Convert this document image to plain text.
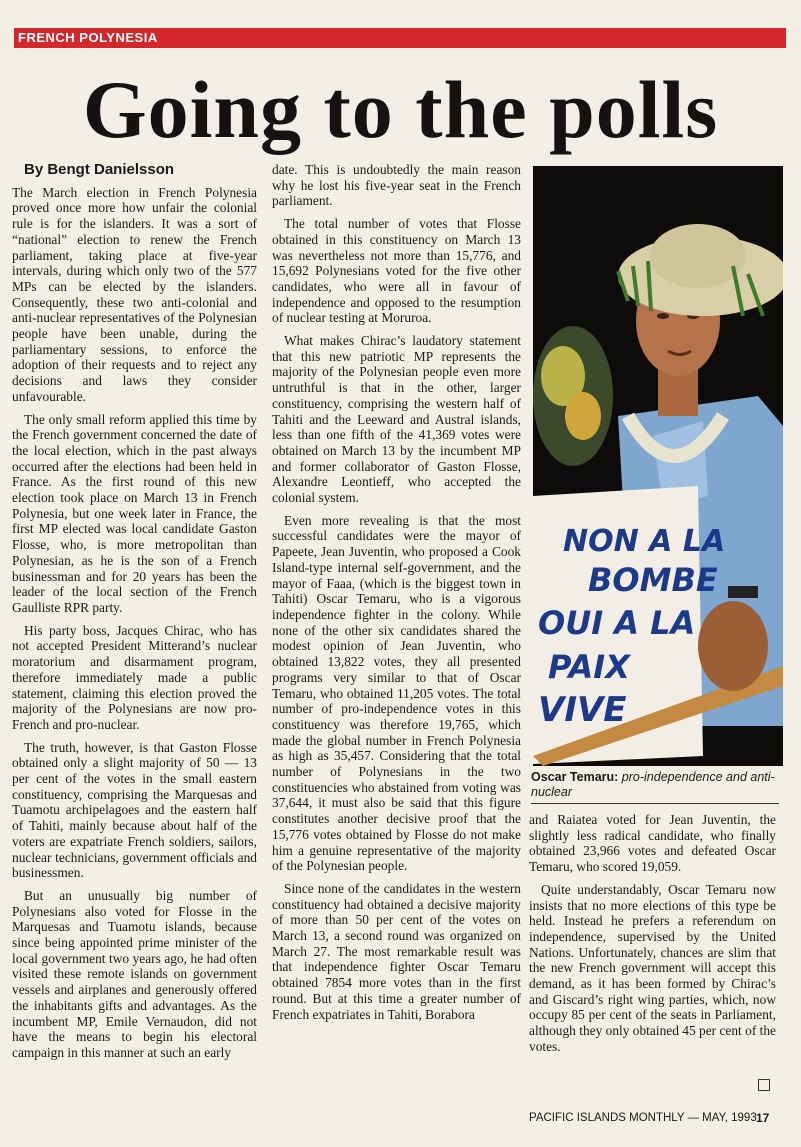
FRENCH POLYNESIA
Going to the polls

By Bengt Danielsson

The March election in French Polynesia proved once more how unfair the colonial rule is for the islanders. It was a sort of “national” election to renew the French parliament, taking place at five-year intervals, during which only two of the 577 MPs can be elected by the islanders. Consequently, these two anti-colonial and anti-nuclear representatives of the Polynesian people have been unable, during the parliamentary sessions, to enforce the adoption of their requests and to reject any decisions and laws they consider unfavourable.

The only small reform applied this time by the French government concerned the date of the local election, which in the past always occurred after the elections had been held in France. As the first round of this new election took place on March 13 in French Polynesia, but one week later in France, the first MP elected was local candidate Gaston Flosse, who, is more metropolitan than Polynesian, as he is the son of a French businessman and for 20 years has been the leader of the local section of the French Gaulliste RPR party.

His party boss, Jacques Chirac, who has not accepted President Mitterand’s nuclear moratorium and disarmament program, therefore immediately made a public statement, claiming this election proved the majority of the Polynesians are now pro-French and pro-nuclear.

The truth, however, is that Gaston Flosse obtained only a slight majority of 50 — 13 per cent of the votes in the small eastern constituency, comprising the Marquesas and Tuamotu archipelagoes and the eastern half of Tahiti, mainly because about half of the voters are expatriate French soldiers, sailors, nuclear technicians, government officials and businessmen.

But an unusually big number of Polynesians also voted for Flosse in the Marquesas and Tuamotu islands, because since being appointed prime minister of the local government two years ago, he had often visited these remote islands on government vessels and airplanes and generously offered the inhabitants gifts and advantages. As the incumbent MP, Emile Vernaudon, did not have the means to begin his electoral campaign in this manner at such an early

date. This is undoubtedly the main reason why he lost his five-year seat in the French parliament.

The total number of votes that Flosse obtained in this constituency on March 13 was nevertheless not more than 15,776, and 15,692 Polynesians voted for the five other candidates, who were all in favour of independence and opposed to the resumption of nuclear testing at Moruroa.

What makes Chirac’s laudatory statement that this new patriotic MP represents the majority of the Polynesian people even more untruthful is that in the other, larger constituency, comprising the western half of Tahiti and the Leeward and Austral islands, less than one fifth of the 41,369 votes were obtained on March 13 by the incumbent MP and former collaborator of Gaston Flosse, Alexandre Leontieff, who accepted the colonial system.

Even more revealing is that the most successful candidates were the mayor of Papeete, Jean Juventin, who proposed a Cook Island-type internal self-government, and the mayor of Faaa, (which is the biggest town in Tahiti) Oscar Temaru, who is a vigorous independence fighter in the colony. While none of the other six candidates shared the modest opinion of Jean Juventin, who obtained 13,822 votes, they all presented programs very similar to that of Oscar Temaru, who obtained 11,205 votes. The total number of pro-independence votes in this constituency was therefore 19,765, which made the global number in French Polynesia as high as 35,457. Considering that the total number of Polynesians in the two constituencies who abstained from voting was 37,644, it must also be said that this figure constitutes another decisive proof that the 15,776 votes obtained by Flosse do not make him a genuine representative of the majority of the Polynesian people.

Since none of the candidates in the western constituency had obtained a decisive majority of more than 50 per cent of the votes on March 13, a second round was organized on March 27. The most remarkable result was that independence fighter Oscar Temaru obtained 7854 more votes than in the first round. But at this time a greater number of French expatriates in Tahiti, Borabora

NON A LA
BOMBE
OUI A LA
PAIX
VIVE
Oscar Temaru: pro-independence and anti-nuclear

and Raiatea voted for Jean Juventin, the slightly less radical candidate, who finally obtained 23,966 votes and defeated Oscar Temaru, who scored 19,059.

Quite understandably, Oscar Temaru now insists that no more elections of this type be held. Instead he prefers a referendum on independence, supervised by the United Nations. Unfortunately, chances are slim that the new French government will accept this demand, as it has been formed by Chirac’s and Giscard’s right wing parties, which, now occupy 85 per cent of the seats in Parliament, although they only obtained 45 per cent of the votes.

PACIFIC ISLANDS MONTHLY — MAY, 1993 17
